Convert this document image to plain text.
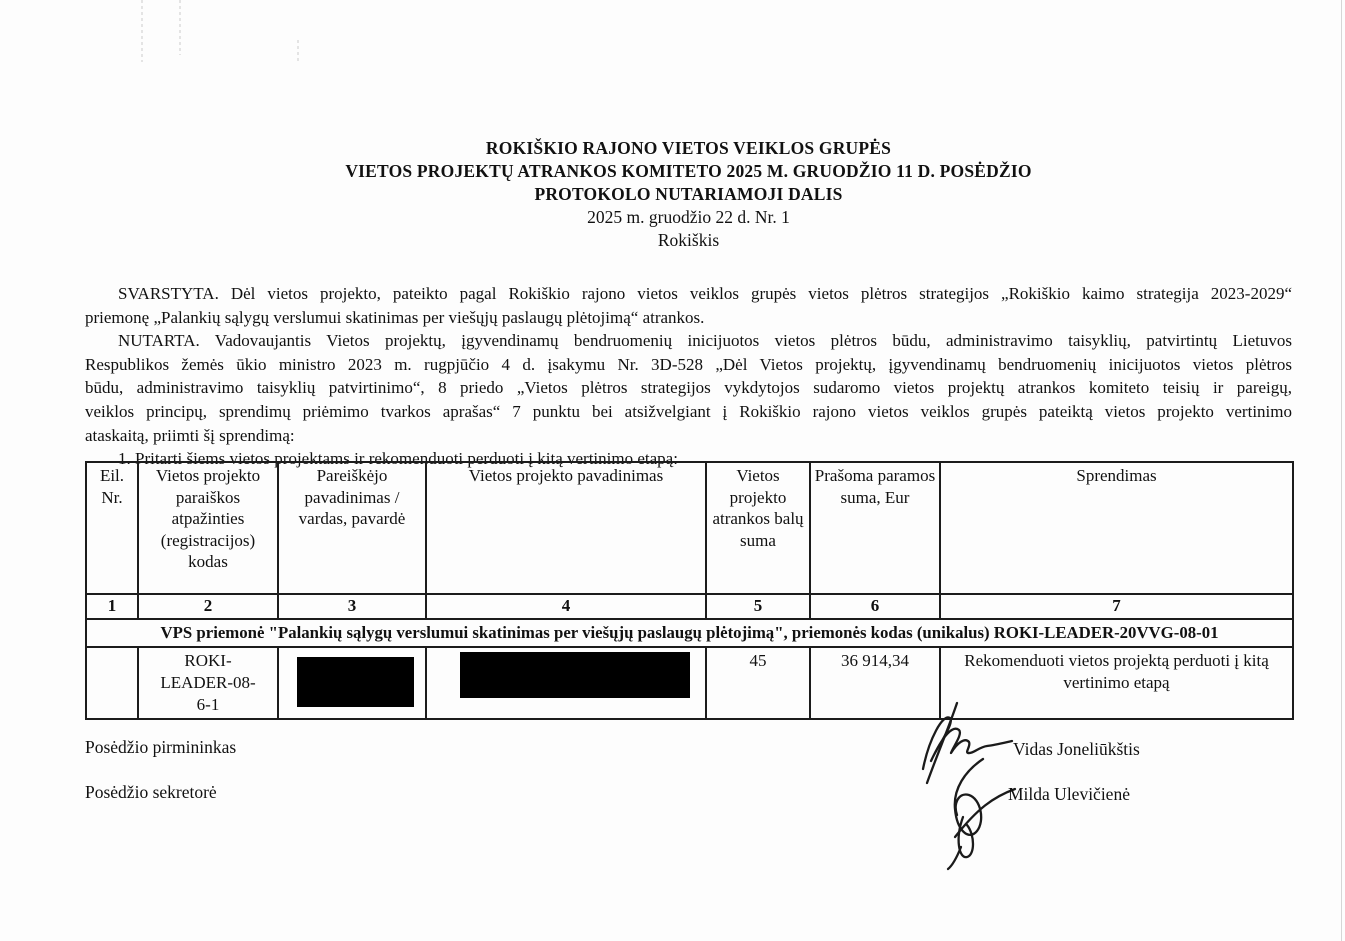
ROKIŠKIO RAJONO VIETOS VEIKLOS GRUPĖS
VIETOS PROJEKTŲ ATRANKOS KOMITETO 2025 M. GRUODŽIO 11 D. POSĖDŽIO
PROTOKOLO NUTARIAMOJI DALIS
2025 m. gruodžio 22 d. Nr. 1
Rokiškis
SVARSTYTA. Dėl vietos projekto, pateikto pagal Rokiškio rajono vietos veiklos grupės vietos plėtros strategijos „Rokiškio kaimo strategija 2023-2029“
priemonę „Palankių sąlygų verslumui skatinimas per viešųjų paslaugų plėtojimą“ atrankos.
NUTARTA. Vadovaujantis Vietos projektų, įgyvendinamų bendruomenių inicijuotos vietos plėtros būdu, administravimo taisyklių, patvirtintų Lietuvos
Respublikos žemės ūkio ministro 2023 m. rugpjūčio 4 d. įsakymu Nr. 3D-528 „Dėl Vietos projektų, įgyvendinamų bendruomenių inicijuotos vietos plėtros
būdu, administravimo taisyklių patvirtinimo“, 8 priedo „Vietos plėtros strategijos vykdytojos sudaromo vietos projektų atrankos komiteto teisių ir pareigų,
veiklos principų, sprendimų priėmimo tvarkos aprašas“ 7 punktu bei atsižvelgiant į Rokiškio rajono vietos veiklos grupės pateiktą vietos projekto vertinimo
ataskaitą, priimti šį sprendimą:
1. Pritarti šiems vietos projektams ir rekomenduoti perduoti į kitą vertinimo etapą:
Eil. Nr.	Vietos projekto paraiškos atpažinties (registracijos) kodas	Pareiškėjo pavadinimas / vardas, pavardė	Vietos projekto pavadinimas	Vietos projekto atrankos balų suma	Prašoma paramos suma, Eur	Sprendimas
1	2	3	4	5	6	7
VPS priemonė "Palankių sąlygų verslumui skatinimas per viešųjų paslaugų plėtojimą", priemonės kodas (unikalus) ROKI-LEADER-20VVG-08-01						

	ROKI-
LEADER-08-
6-1			45	36 914,34	Rekomenduoti vietos projektą perduoti į kitą vertinimo etapą
Posėdžio pirmininkas
Posėdžio sekretorė
Vidas Joneliūkštis
Milda Ulevičienė
